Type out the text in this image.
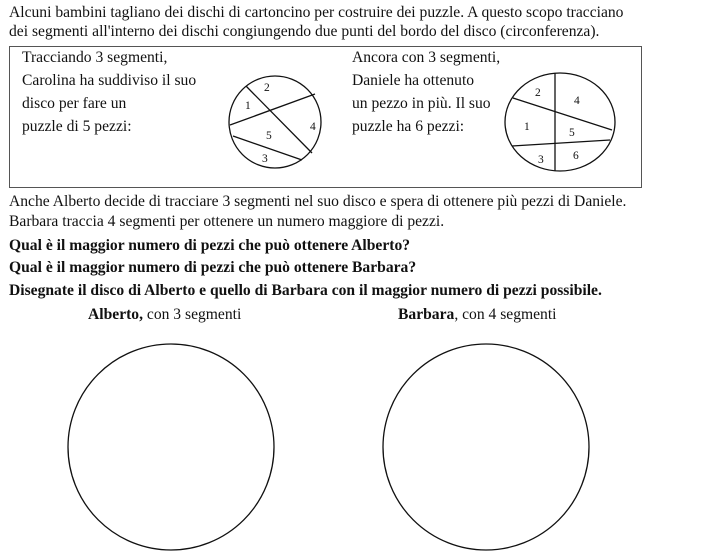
Alcuni bambini tagliano dei dischi di cartoncino per costruire dei puzzle. A questo scopo tracciano
dei segmenti all'interno dei dischi congiungendo due punti del bordo del disco (circonferenza).
Tracciando 3 segmenti,
Carolina ha suddiviso il suo
disco per fare un
puzzle di 5 pezzi:
Ancora con 3 segmenti,
Daniele ha ottenuto
un pezzo in più. Il suo
puzzle ha 6 pezzi:
2
1
4
5
3
2
4
1	5
3	6
Anche Alberto decide di tracciare 3 segmenti nel suo disco e spera di ottenere più pezzi di Daniele.
Barbara traccia 4 segmenti per ottenere un numero maggiore di pezzi.
Qual è il maggior numero di pezzi che può ottenere Alberto?
Qual è il maggior numero di pezzi che può ottenere Barbara?
Disegnate il disco di Alberto e quello di Barbara con il maggior numero di pezzi possibile.
Alberto, con 3 segmenti	Barbara, con 4 segmenti
